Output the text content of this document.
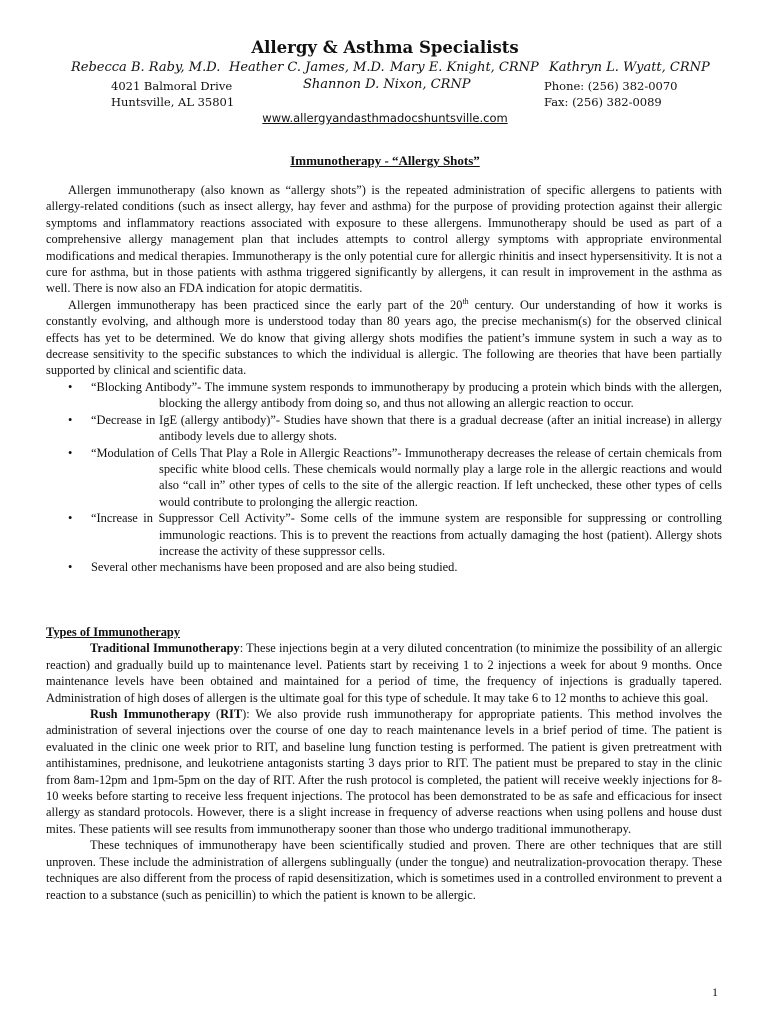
Allergy & Asthma Specialists
Rebecca B. Raby, M.D. Heather C. James, M.D. Mary E. Knight, CRNP Kathryn L. Wyatt, CRNP
Shannon D. Nixon, CRNP
4021 Balmoral Drive
Huntsville, AL 35801
Phone: (256) 382-0070
Fax: (256) 382-0089
www.allergyandasthmadocshuntsville.com
Immunotherapy - “Allergy Shots”

Allergen immunotherapy (also known as “allergy shots”) is the repeated administration of specific allergens to patients with allergy-related conditions (such as insect allergy, hay fever and asthma) for the purpose of providing protection against their allergic symptoms and inflammatory reactions associated with exposure to these allergens. Immunotherapy should be used as part of a comprehensive allergy management plan that includes attempts to control allergy symptoms with appropriate environmental modifications and medical therapies. Immunotherapy is the only potential cure for allergic rhinitis and insect hypersensitivity. It is not a cure for asthma, but in those patients with asthma triggered significantly by allergens, it can result in improvement in the asthma as well. There is now also an FDA indication for atopic dermatitis.

Allergen immunotherapy has been practiced since the early part of the 20th century. Our understanding of how it works is constantly evolving, and although more is understood today than 80 years ago, the precise mechanism(s) for the observed clinical effects has yet to be determined. We do know that giving allergy shots modifies the patient’s immune system in such a way as to decrease sensitivity to the specific substances to which the individual is allergic. The following are theories that have been partially supported by clinical and scientific data.

• “Blocking Antibody”- The immune system responds to immunotherapy by producing a protein which binds with the allergen, blocking the allergy antibody from doing so, and thus not allowing an allergic reaction to occur.
• “Decrease in IgE (allergy antibody)”- Studies have shown that there is a gradual decrease (after an initial increase) in allergy antibody levels due to allergy shots.
• “Modulation of Cells That Play a Role in Allergic Reactions”- Immunotherapy decreases the release of certain chemicals from specific white blood cells. These chemicals would normally play a large role in the allergic reactions and would also “call in” other types of cells to the site of the allergic reaction. If left unchecked, these other types of cells would contribute to prolonging the allergic reaction.
• “Increase in Suppressor Cell Activity”- Some cells of the immune system are responsible for suppressing or controlling immunologic reactions. This is to prevent the reactions from actually damaging the host (patient). Allergy shots increase the activity of these suppressor cells.
• Several other mechanisms have been proposed and are also being studied.

Types of Immunotherapy

Traditional Immunotherapy: These injections begin at a very diluted concentration (to minimize the possibility of an allergic reaction) and gradually build up to maintenance level. Patients start by receiving 1 to 2 injections a week for about 9 months. Once maintenance levels have been obtained and maintained for a period of time, the frequency of injections is gradually tapered. Administration of high doses of allergen is the ultimate goal for this type of schedule. It may take 6 to 12 months to achieve this goal.

Rush Immunotherapy (RIT): We also provide rush immunotherapy for appropriate patients. This method involves the administration of several injections over the course of one day to reach maintenance levels in a brief period of time. The patient is evaluated in the clinic one week prior to RIT, and baseline lung function testing is performed. The patient is given pretreatment with antihistamines, prednisone, and leukotriene antagonists starting 3 days prior to RIT. The patient must be prepared to stay in the clinic from 8am-12pm and 1pm-5pm on the day of RIT. After the rush protocol is completed, the patient will receive weekly injections for 8-10 weeks before starting to receive less frequent injections. The protocol has been demonstrated to be as safe and efficacious for insect allergy as standard protocols. However, there is a slight increase in frequency of adverse reactions when using pollens and house dust mites. These patients will see results from immunotherapy sooner than those who undergo traditional immunotherapy.

These techniques of immunotherapy have been scientifically studied and proven. There are other techniques that are still unproven. These include the administration of allergens sublingually (under the tongue) and neutralization-provocation therapy. These techniques are also different from the process of rapid desensitization, which is sometimes used in a controlled environment to prevent a reaction to a substance (such as penicillin) to which the patient is known to be allergic.

1
